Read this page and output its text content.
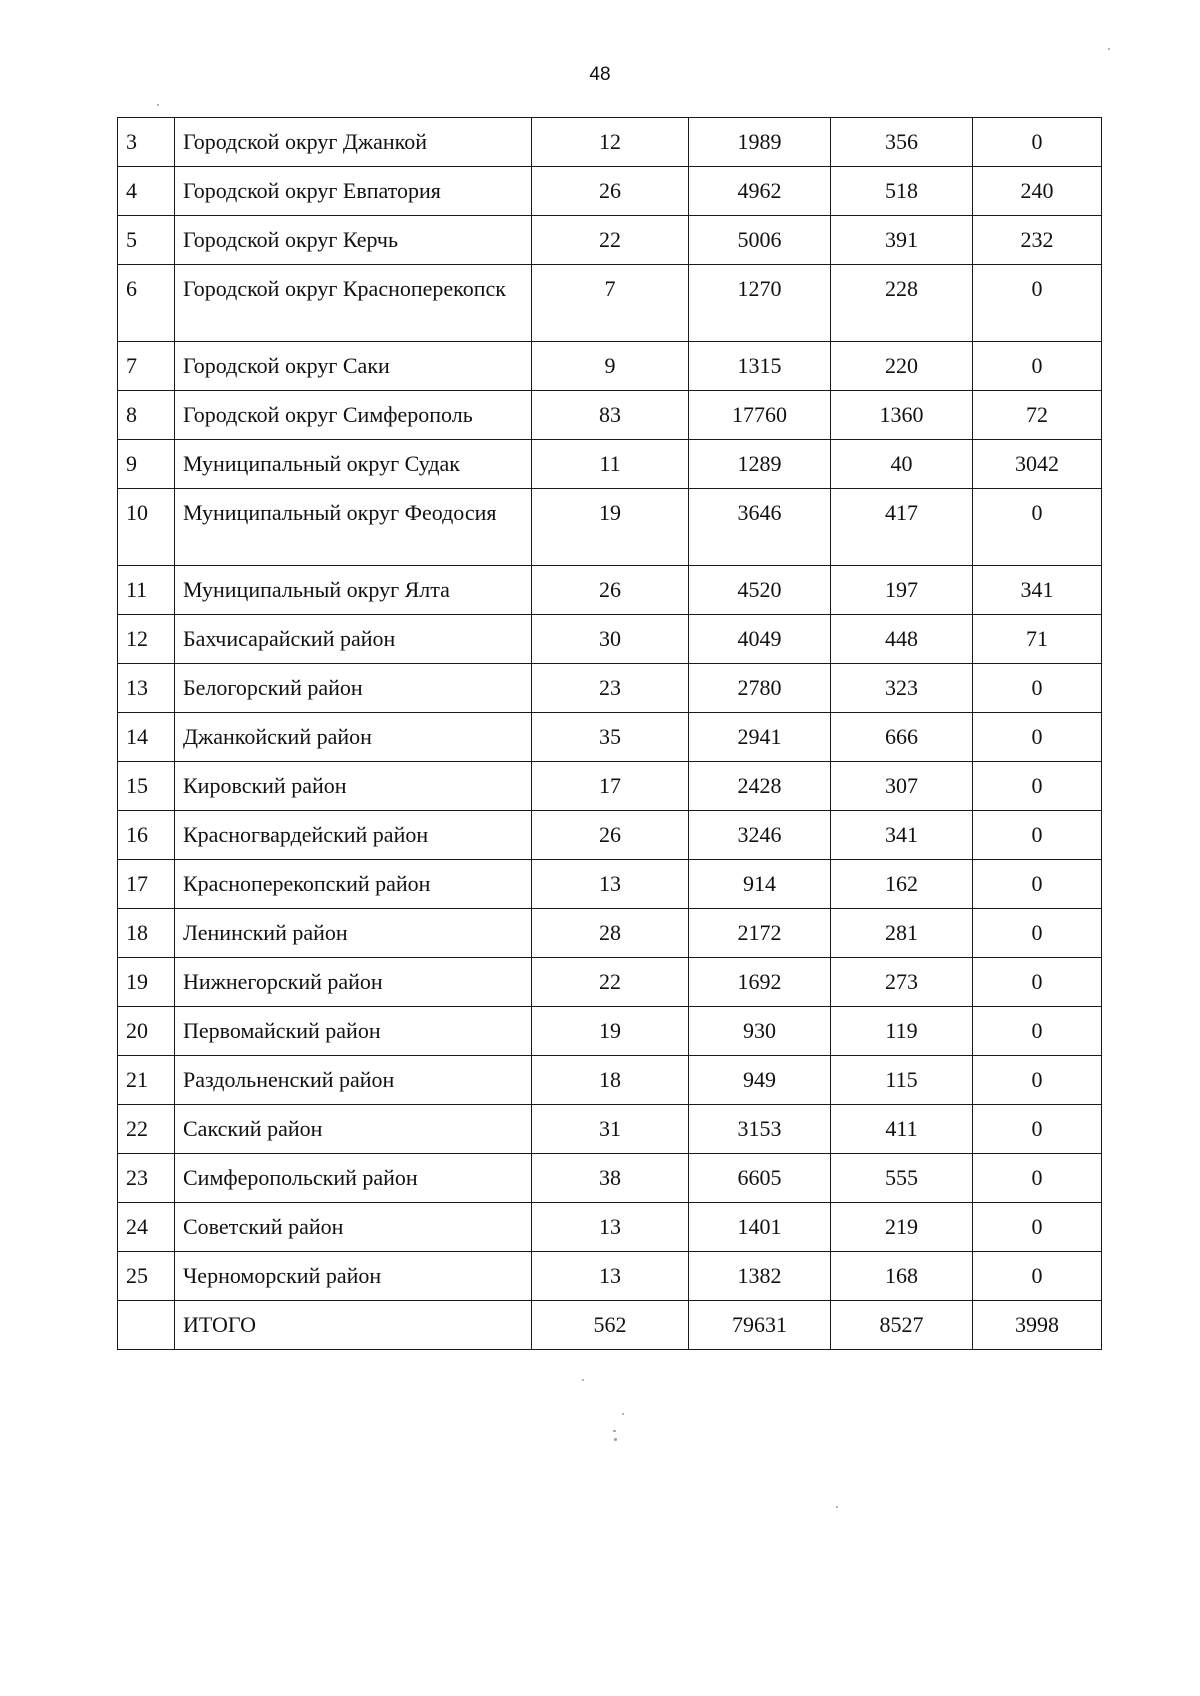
48
3	Городской округ Джанкой	12	1989	356	0
4	Городской округ Евпатория	26	4962	518	240
5	Городской округ Керчь	22	5006	391	232
6	Городской округ Красноперекопск	7	1270	228	0
7	Городской округ Саки	9	1315	220	0
8	Городской округ Симферополь	83	17760	1360	72
9	Муниципальный округ Судак	11	1289	40	3042
10	Муниципальный округ Феодосия	19	3646	417	0
11	Муниципальный округ Ялта	26	4520	197	341
12	Бахчисарайский район	30	4049	448	71
13	Белогорский район	23	2780	323	0
14	Джанкойский район	35	2941	666	0
15	Кировский район	17	2428	307	0
16	Красногвардейский район	26	3246	341	0
17	Красноперекопский район	13	914	162	0
18	Ленинский район	28	2172	281	0
19	Нижнегорский район	22	1692	273	0
20	Первомайский район	19	930	119	0
21	Раздольненский район	18	949	115	0
22	Сакский район	31	3153	411	0
23	Симферопольский район	38	6605	555	0
24	Советский район	13	1401	219	0
25	Черноморский район	13	1382	168	0
	ИТОГО	562	79631	8527	3998
